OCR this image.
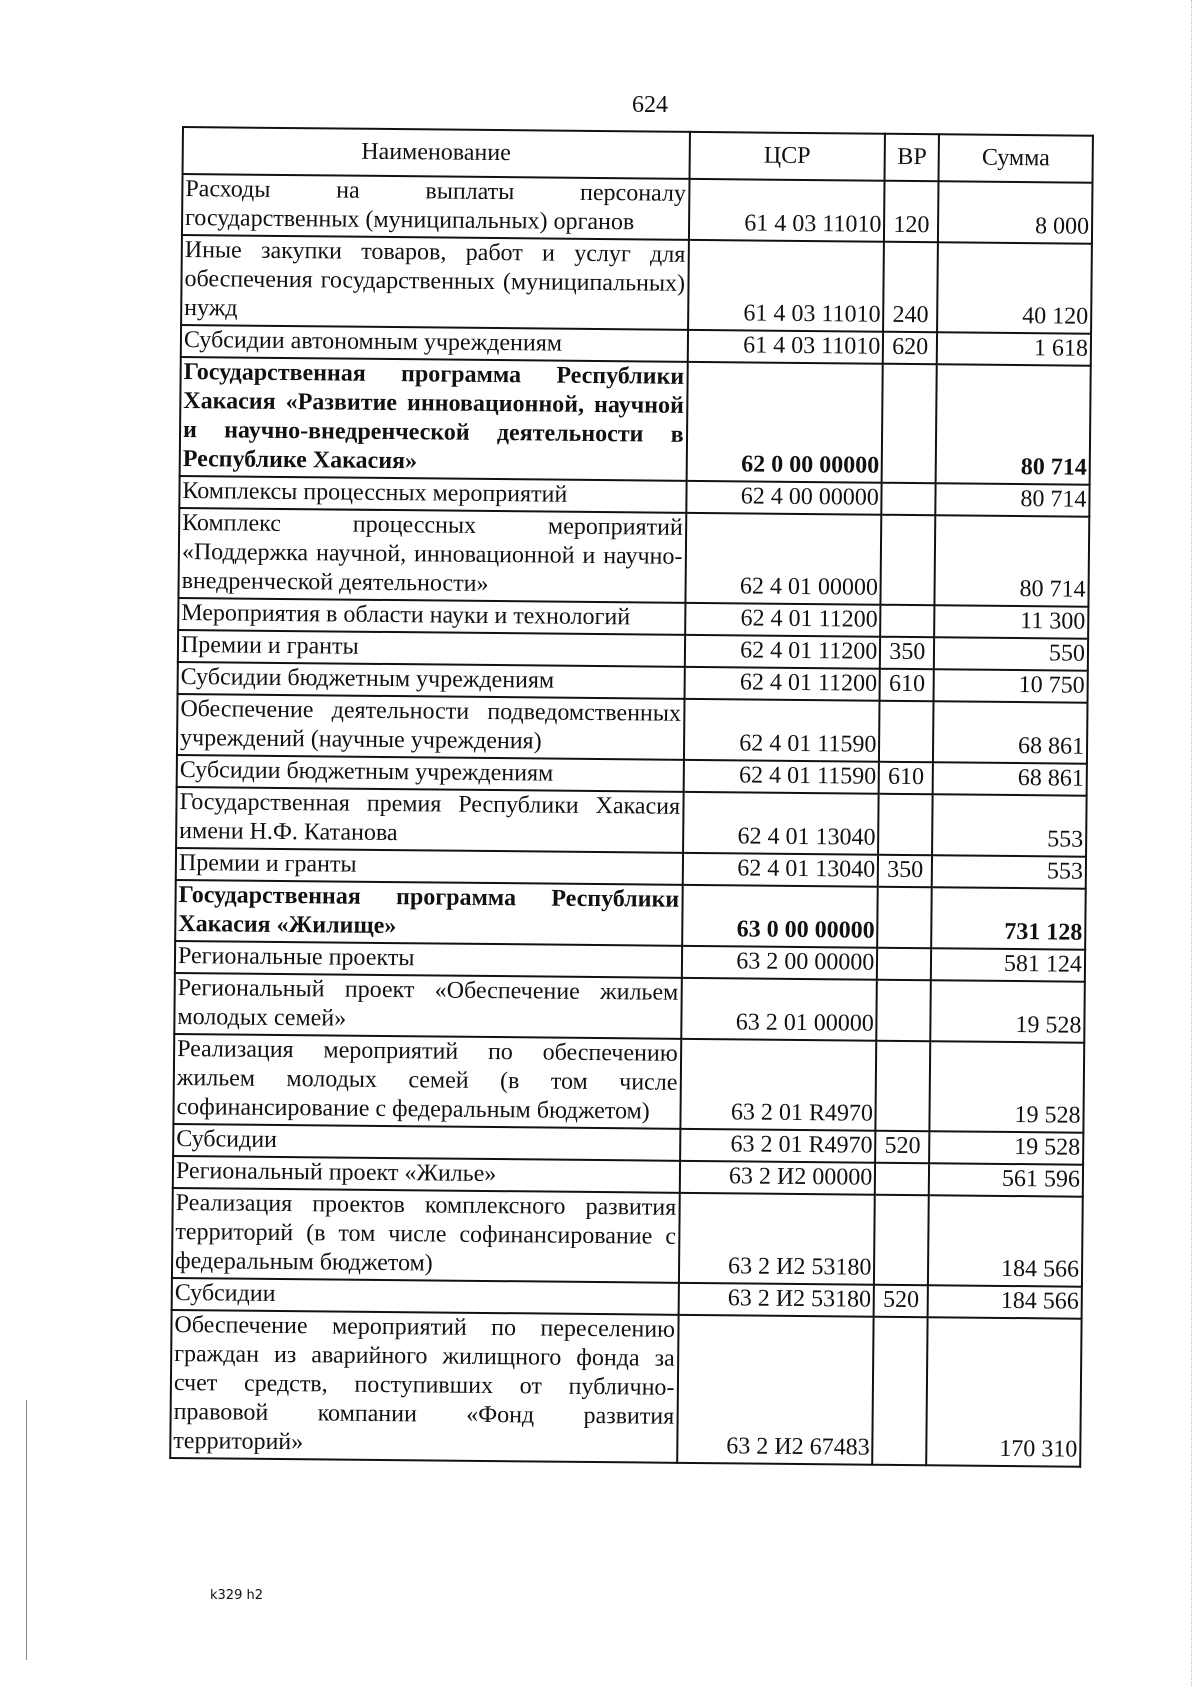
624
Наименование	ЦСР	ВР	Сумма
Расходы на выплаты персоналу государственных (муниципальных) органов	61 4 03 11010	120	8 000
Иные закупки товаров, работ и услуг для обеспечения государственных (муниципальных) нужд	61 4 03 11010	240	40 120
Субсидии автономным учреждениям	61 4 03 11010	620	1 618
Государственная программа Республики Хакасия «Развитие инновационной, научной и научно-внедренческой деятельности в Республике Хакасия»	62 0 00 00000		80 714
Комплексы процессных мероприятий	62 4 00 00000		80 714
Комплекс процессных мероприятий «Поддержка научной, инновационной и научно-внедренческой деятельности»	62 4 01 00000		80 714
Мероприятия в области науки и технологий	62 4 01 11200		11 300
Премии и гранты	62 4 01 11200	350	550
Субсидии бюджетным учреждениям	62 4 01 11200	610	10 750
Обеспечение деятельности подведомственных учреждений (научные учреждения)	62 4 01 11590		68 861
Субсидии бюджетным учреждениям	62 4 01 11590	610	68 861
Государственная премия Республики Хакасия имени Н.Ф. Катанова	62 4 01 13040		553
Премии и гранты	62 4 01 13040	350	553
Государственная программа Республики Хакасия «Жилище»	63 0 00 00000		731 128
Региональные проекты	63 2 00 00000		581 124
Региональный проект «Обеспечение жильем молодых семей»	63 2 01 00000		19 528
Реализация мероприятий по обеспечению жильем молодых семей (в том числе софинансирование с федеральным бюджетом)	63 2 01 R4970		19 528
Субсидии	63 2 01 R4970	520	19 528
Региональный проект «Жилье»	63 2 И2 00000		561 596
Реализация проектов комплексного развития территорий (в том числе софинансирование с федеральным бюджетом)	63 2 И2 53180		184 566
Субсидии	63 2 И2 53180	520	184 566
Обеспечение мероприятий по переселению граждан из аварийного жилищного фонда за счет средств, поступивших от публично-правовой компании «Фонд развития территорий»	63 2 И2 67483		170 310
k329 h2
